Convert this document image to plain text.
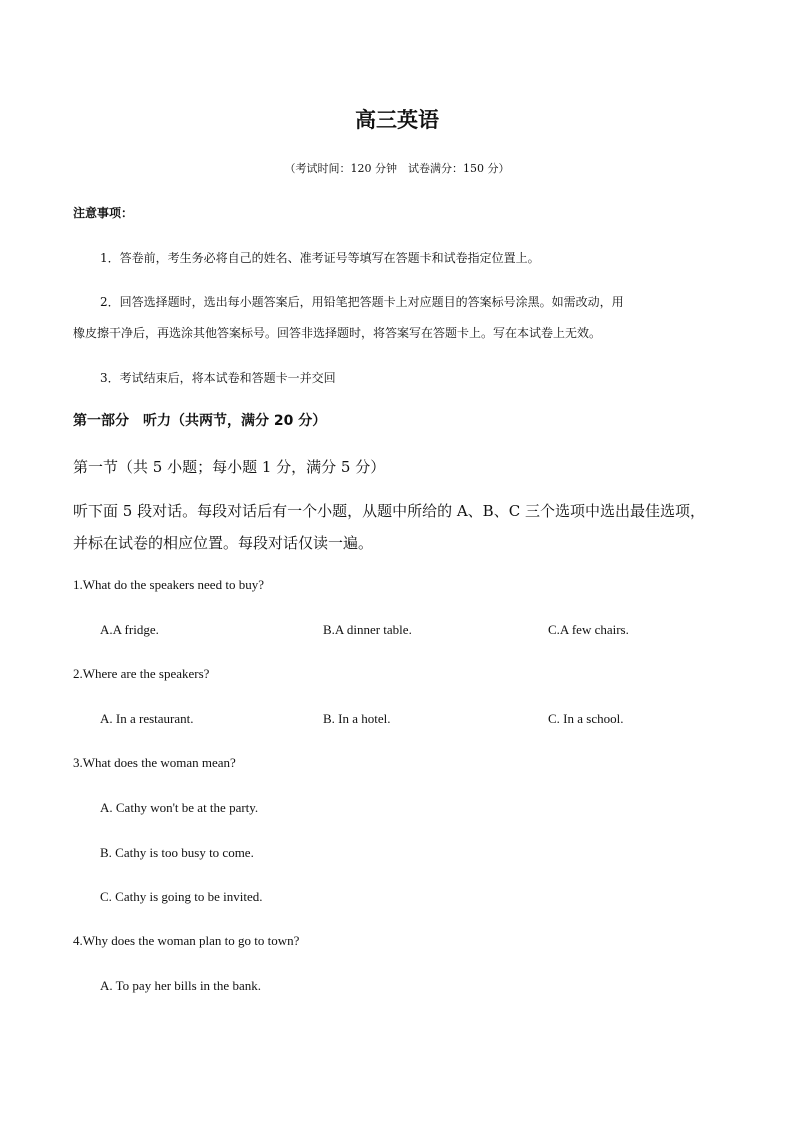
高三英语
（考试时间：120 分钟　试卷满分：150 分）
注意事项：
1．答卷前，考生务必将自己的姓名、准考证号等填写在答题卡和试卷指定位置上。
2．回答选择题时，选出每小题答案后，用铅笔把答题卡上对应题目的答案标号涂黑。如需改动，用
橡皮擦干净后，再选涂其他答案标号。回答非选择题时，将答案写在答题卡上。写在本试卷上无效。
3．考试结束后，将本试卷和答题卡一并交回
第一部分　听力（共两节，满分 20 分）
第一节（共 5 小题；每小题 1 分，满分 5 分）
听下面 5 段对话。每段对话后有一个小题，从题中所给的 A、B、C 三个选项中选出最佳选项，
并标在试卷的相应位置。每段对话仅读一遍。
1.What do the speakers need to buy?
A.A fridge.	B.A dinner table.	C.A few chairs.
2.Where are the speakers?
A. In a restaurant.	B. In a hotel.	C. In a school.
3.What does the woman mean?
A. Cathy won't be at the party.
B. Cathy is too busy to come.
C. Cathy is going to be invited.
4.Why does the woman plan to go to town?
A. To pay her bills in the bank.
